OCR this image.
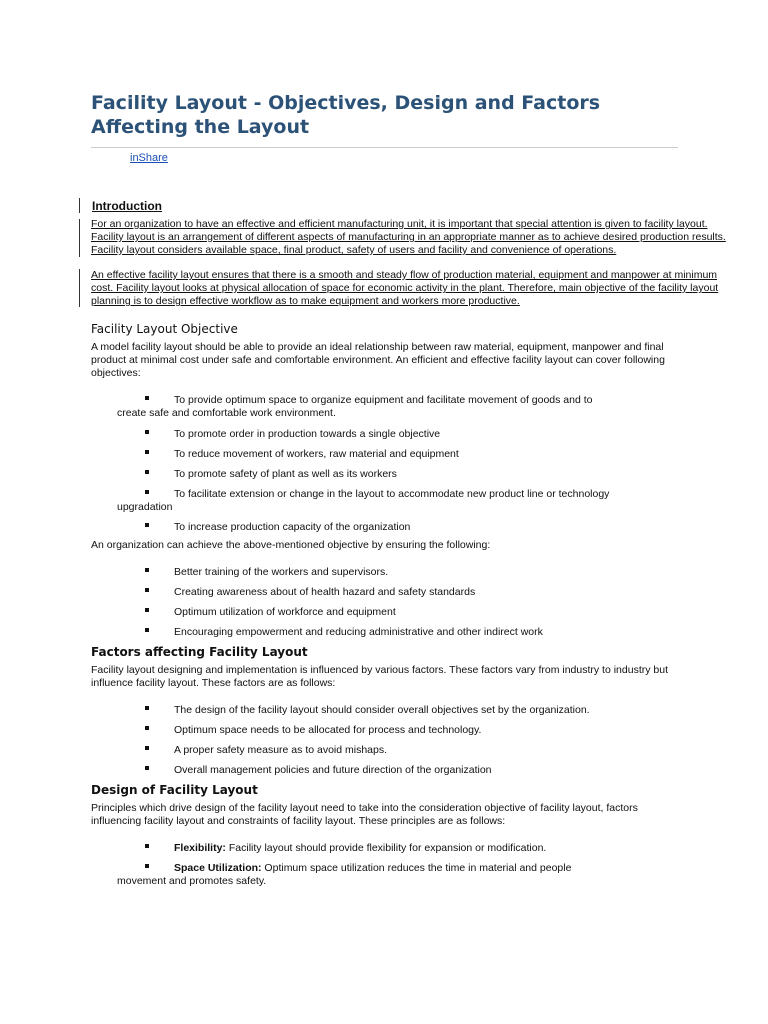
Facility Layout - Objectives, Design and Factors Affecting the Layout
inShare
Introduction

For an organization to have an effective and efficient manufacturing unit, it is important that special attention is given to facility layout.
Facility layout is an arrangement of different aspects of manufacturing in an appropriate manner as to achieve desired production results.
Facility layout considers available space, final product, safety of users and facility and convenience of operations.

An effective facility layout ensures that there is a smooth and steady flow of production material, equipment and manpower at minimum
cost. Facility layout looks at physical allocation of space for economic activity in the plant. Therefore, main objective of the facility layout
planning is to design effective workflow as to make equipment and workers more productive.

Facility Layout Objective

A model facility layout should be able to provide an ideal relationship between raw material, equipment, manpower and final product at minimal cost under safe and comfortable environment. An efficient and effective facility layout can cover following objectives:

To provide optimum space to organize equipment and facilitate movement of goods and to
create safe and comfortable work environment.
To promote order in production towards a single objective
To reduce movement of workers, raw material and equipment
To promote safety of plant as well as its workers
To facilitate extension or change in the layout to accommodate new product line or technology
upgradation
To increase production capacity of the organization

An organization can achieve the above-mentioned objective by ensuring the following:

Better training of the workers and supervisors.
Creating awareness about of health hazard and safety standards
Optimum utilization of workforce and equipment
Encouraging empowerment and reducing administrative and other indirect work
Factors affecting Facility Layout

Facility layout designing and implementation is influenced by various factors. These factors vary from industry to industry but influence facility layout. These factors are as follows:

The design of the facility layout should consider overall objectives set by the organization.
Optimum space needs to be allocated for process and technology.
A proper safety measure as to avoid mishaps.
Overall management policies and future direction of the organization
Design of Facility Layout

Principles which drive design of the facility layout need to take into the consideration objective of facility layout, factors influencing facility layout and constraints of facility layout. These principles are as follows:

Flexibility: Facility layout should provide flexibility for expansion or modification.
Space Utilization: Optimum space utilization reduces the time in material and people
movement and promotes safety.
